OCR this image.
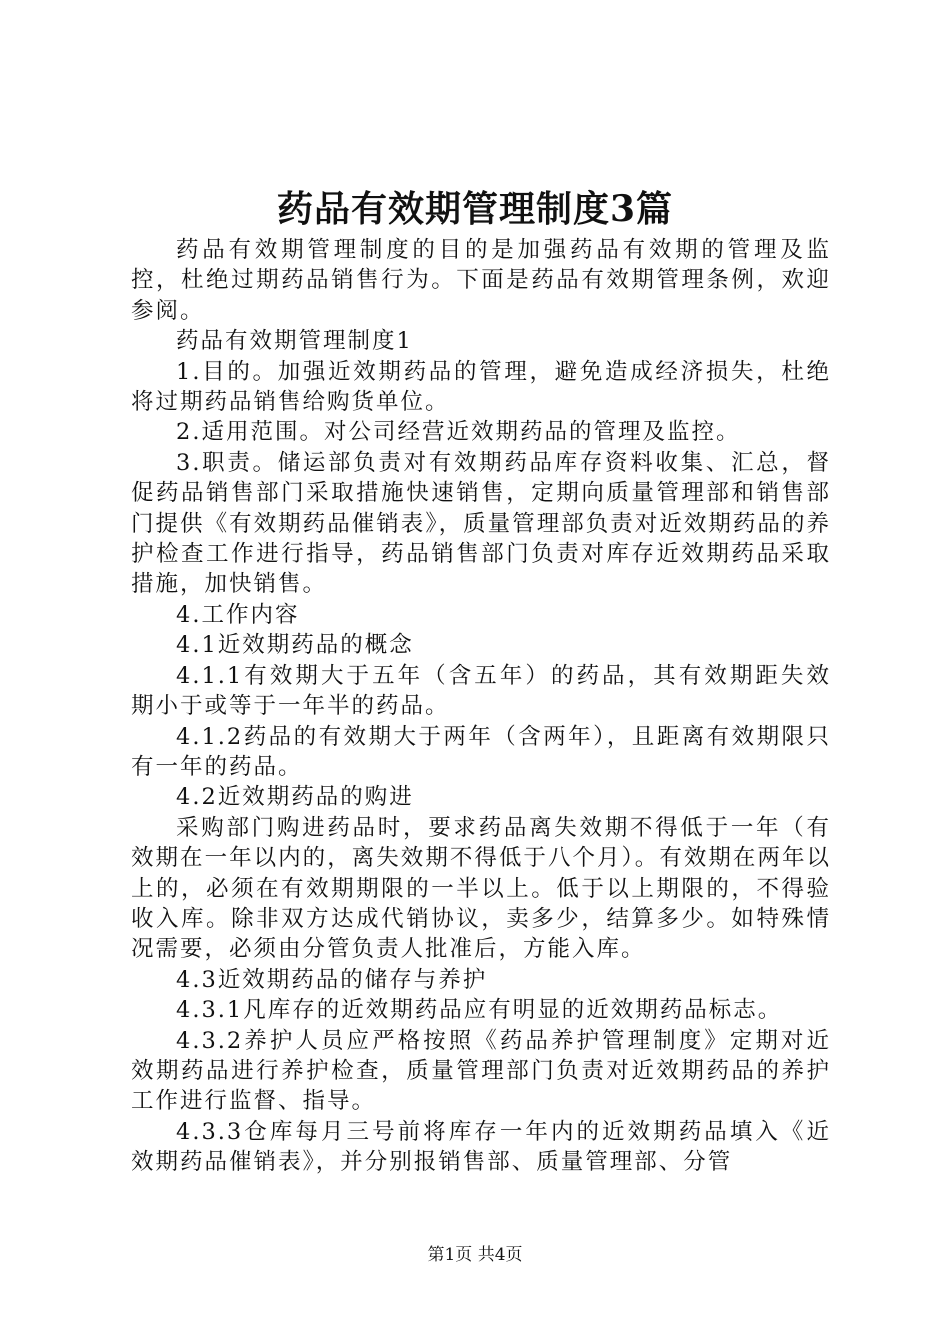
药品有效期管理制度3篇

药品有效期管理制度的目的是加强药品有效期的管理及监控，杜绝过期药品销售行为。下面是药品有效期管理条例，欢迎参阅。

药品有效期管理制度1

1.目的。加强近效期药品的管理，避免造成经济损失，杜绝将过期药品销售给购货单位。

2.适用范围。对公司经营近效期药品的管理及监控。

3.职责。储运部负责对有效期药品库存资料收集、汇总，督促药品销售部门采取措施快速销售，定期向质量管理部和销售部门提供《有效期药品催销表》，质量管理部负责对近效期药品的养护检查工作进行指导，药品销售部门负责对库存近效期药品采取措施，加快销售。

4.工作内容

4.1近效期药品的概念

4.1.1有效期大于五年（含五年）的药品，其有效期距失效期小于或等于一年半的药品。

4.1.2药品的有效期大于两年（含两年），且距离有效期限只有一年的药品。

4.2近效期药品的购进

采购部门购进药品时，要求药品离失效期不得低于一年（有效期在一年以内的，离失效期不得低于八个月）。有效期在两年以上的，必须在有效期期限的一半以上。低于以上期限的，不得验收入库。除非双方达成代销协议，卖多少，结算多少。如特殊情况需要，必须由分管负责人批准后，方能入库。

4.3近效期药品的储存与养护

4.3.1凡库存的近效期药品应有明显的近效期药品标志。

4.3.2养护人员应严格按照《药品养护管理制度》定期对近效期药品进行养护检查，质量管理部门负责对近效期药品的养护工作进行监督、指导。

4.3.3仓库每月三号前将库存一年内的近效期药品填入《近效期药品催销表》，并分别报销售部、质量管理部、分管

第1页 共4页
